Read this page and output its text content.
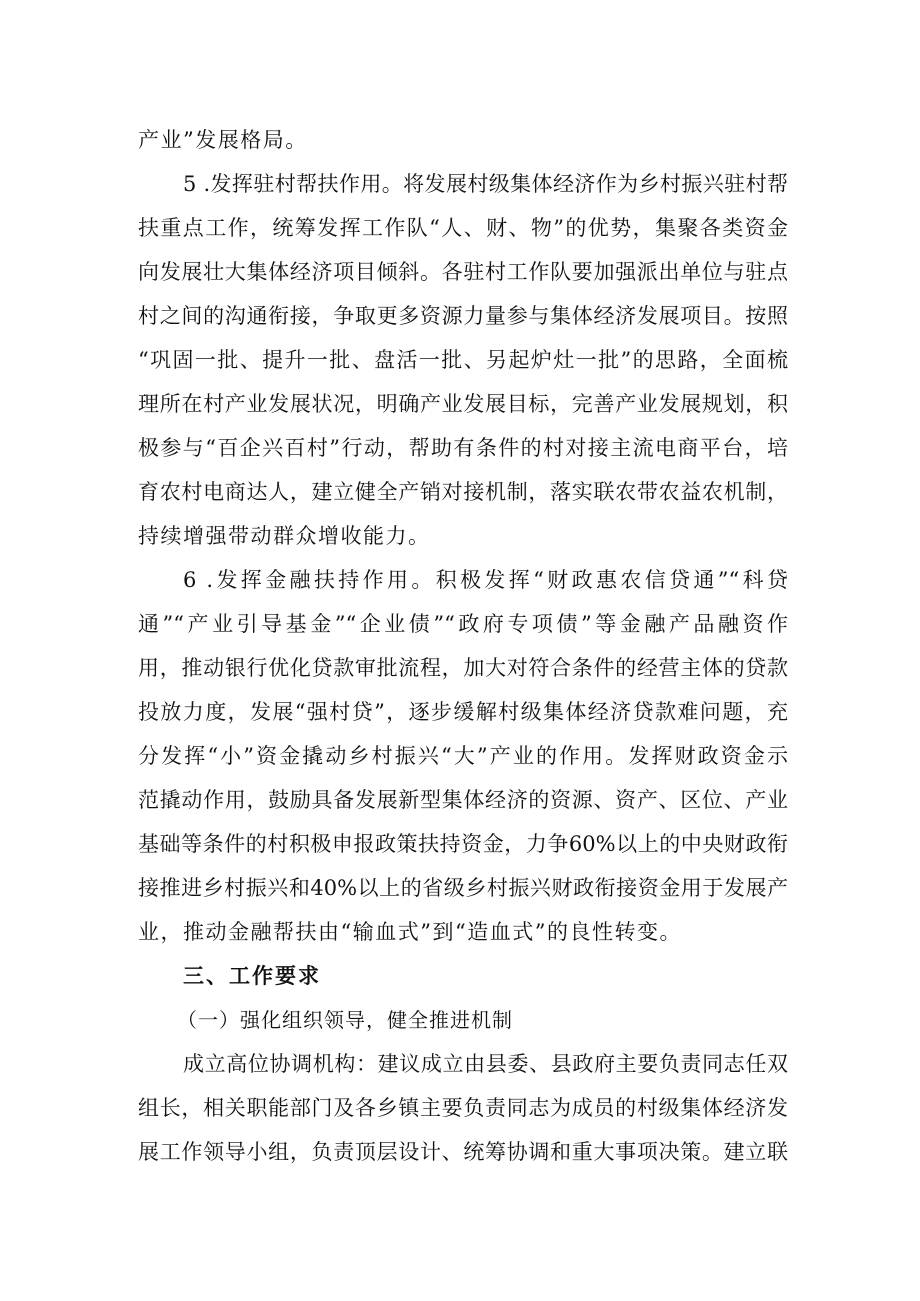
产业”发展格局。
5 .发挥驻村帮扶作用。将发展村级集体经济作为乡村振兴驻村帮
扶重点工作，统筹发挥工作队“人、财、物”的优势，集聚各类资金
向发展壮大集体经济项目倾斜。各驻村工作队要加强派出单位与驻点
村之间的沟通衔接，争取更多资源力量参与集体经济发展项目。按照
“巩固一批、提升一批、盘活一批、另起炉灶一批”的思路，全面梳
理所在村产业发展状况，明确产业发展目标，完善产业发展规划，积
极参与“百企兴百村”行动，帮助有条件的村对接主流电商平台，培
育农村电商达人，建立健全产销对接机制，落实联农带农益农机制，
持续增强带动群众增收能力。
6 .发挥金融扶持作用。积极发挥“财政惠农信贷通”“科贷
通”“产业引导基金”“企业债”“政府专项债”等金融产品融资作
用，推动银行优化贷款审批流程，加大对符合条件的经营主体的贷款
投放力度，发展“强村贷”，逐步缓解村级集体经济贷款难问题，充
分发挥“小”资金撬动乡村振兴“大”产业的作用。发挥财政资金示
范撬动作用，鼓励具备发展新型集体经济的资源、资产、区位、产业
基础等条件的村积极申报政策扶持资金，力争60%以上的中央财政衔
接推进乡村振兴和40%以上的省级乡村振兴财政衔接资金用于发展产
业，推动金融帮扶由“输血式”到“造血式”的良性转变。
三、工作要求
（一）强化组织领导，健全推进机制
成立高位协调机构：建议成立由县委、县政府主要负责同志任双
组长，相关职能部门及各乡镇主要负责同志为成员的村级集体经济发
展工作领导小组，负责顶层设计、统筹协调和重大事项决策。建立联
